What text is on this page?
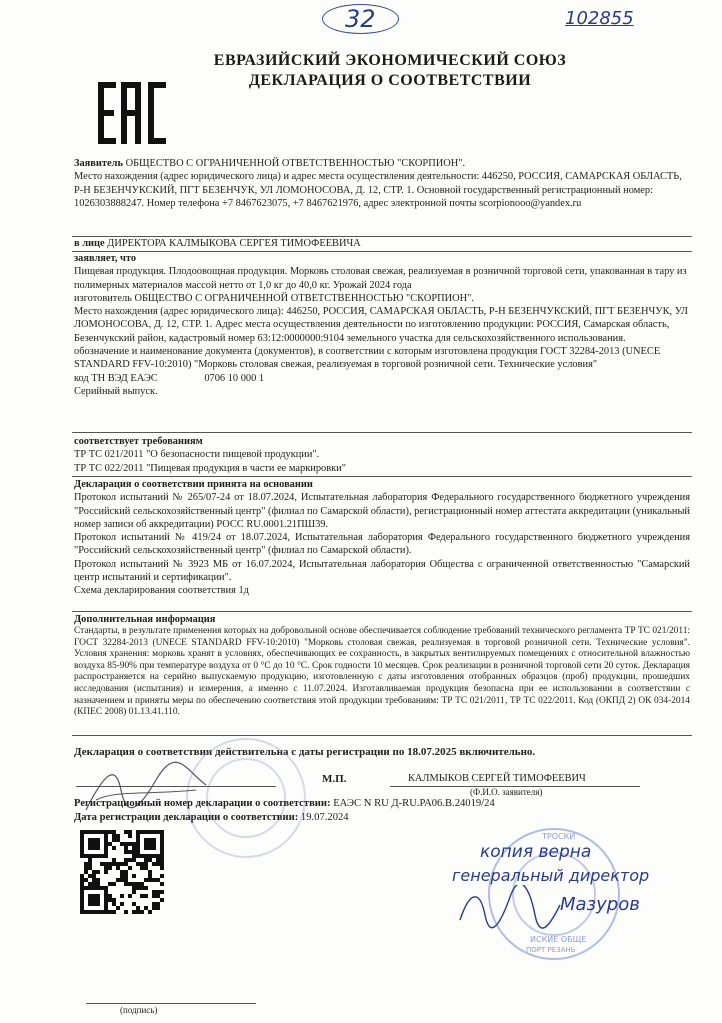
32	102855
ЕВРАЗИЙСКИЙ ЭКОНОМИЧЕСКИЙ СОЮЗ
ДЕКЛАРАЦИЯ О СООТВЕТСТВИИ

Заявитель ОБЩЕСТВО С ОГРАНИЧЕННОЙ ОТВЕТСТВЕННОСТЬЮ "СКОРПИОН".

Место нахождения (адрес юридического лица) и адрес места осуществления деятельности: 446250, РОССИЯ, САМАРСКАЯ ОБЛАСТЬ, Р-Н БЕЗЕНЧУКСКИЙ, ПГТ БЕЗЕНЧУК, УЛ ЛОМОНОСОВА, Д. 12, СТР. 1. Основной государственный регистрационный номер: 1026303888247. Номер телефона +7 8467623075, +7 8467621976, адрес электронной почты scorpionooo@yandex.ru

в лице ДИРЕКТОРА КАЛМЫКОВА СЕРГЕЯ ТИМОФЕЕВИЧА

заявляет, что

Пищевая продукция. Плодоовощная продукция. Морковь столовая свежая, реализуемая в розничной торговой сети, упакованная в тару из полимерных материалов массой нетто от 1,0 кг до 40,0 кг. Урожай 2024 года

изготовитель ОБЩЕСТВО С ОГРАНИЧЕННОЙ ОТВЕТСТВЕННОСТЬЮ "СКОРПИОН".

Место нахождения (адрес юридического лица): 446250, РОССИЯ, САМАРСКАЯ ОБЛАСТЬ, Р-Н БЕЗЕНЧУКСКИЙ, ПГТ БЕЗЕНЧУК, УЛ ЛОМОНОСОВА, Д. 12, СТР. 1. Адрес места осуществления деятельности по изготовлению продукции: РОССИЯ, Самарская область, Безенчукский район, кадастровый номер 63:12:0000000:9104 земельного участка для сельскохозяйственного использования.

обозначение и наименование документа (документов), в соответствии с которым изготовлена продукция ГОСТ 32284-2013 (UNECE STANDARD FFV-10:2010) "Морковь столовая свежая, реализуемая в торговой розничной сети. Технические условия"

код ТН ВЭД ЕАЭС	0706 10 000 1

Серийный выпуск.

соответствует требованиям

ТР ТС 021/2011 "О безопасности пищевой продукции".

ТР ТС 022/2011 "Пищевая продукция в части ее маркировки"

Декларация о соответствии принята на основании

Протокол испытаний № 265/07-24 от 18.07.2024, Испытательная лаборатория Федерального государственного бюджетного учреждения "Российский сельскохозяйственный центр" (филиал по Самарской области), регистрационный номер аттестата аккредитации (уникальный номер записи об аккредитации) РОСС RU.0001.21ПШ39.

Протокол испытаний № 419/24 от 18.07.2024, Испытательная лаборатория Федерального государственного бюджетного учреждения "Российский сельскохозяйственный центр" (филиал по Самарской области).

Протокол испытаний № 3923 МБ от 16.07.2024, Испытательная лаборатория Общества с ограниченной ответственностью "Самарский центр испытаний и сертификации".

Схема декларирования соответствия 1д

Дополнительная информация

Стандарты, в результате применения которых на добровольной основе обеспечивается соблюдение требований технического регламента ТР ТС 021/2011: ГОСТ 32284-2013 (UNECE STANDARD FFV-10:2010) "Морковь столовая свежая, реализуемая в торговой розничной сети. Технические условия". Условия хранения: морковь хранят в условиях, обеспечивающих ее сохранность, в закрытых вентилируемых помещениях с относительной влажностью воздуха 85-90% при температуре воздуха от 0 °С до 10 °С. Срок годности 10 месяцев. Срок реализации в розничной торговой сети 20 суток. Декларация распространяется на серийно выпускаемую продукцию, изготовленную с даты изготовления отобранных образцов (проб) продукции, прошедших исследования (испытания) и измерения, а именно с 11.07.2024. Изготавливаемая продукция безопасна при ее использовании в соответствии с назначением и приняты меры по обеспечению соответствия этой продукции требованиям: ТР ТС 021/2011, ТР ТС 022/2011. Код (ОКПД 2) ОК 034-2014 (КПЕС 2008) 01.13.41.110.

Декларация о соответствии действительна с даты регистрации по 18.07.2025 включительно.
М.П.	КАЛМЫКОВ СЕРГЕЙ ТИМОФЕЕВИЧ
(Ф.И.О. заявителя)
Регистрационный номер декларации о соответствии: ЕАЭС N RU Д-RU.РА06.В.24019/24
Дата регистрации декларации о соответствии: 19.07.2024
(подпись)
ТРОСКИ
ИСКИЕ ОБЩЕ
ПОРТ РЕЗАНЬ
копия верна
генеральный директор
Мазуров
